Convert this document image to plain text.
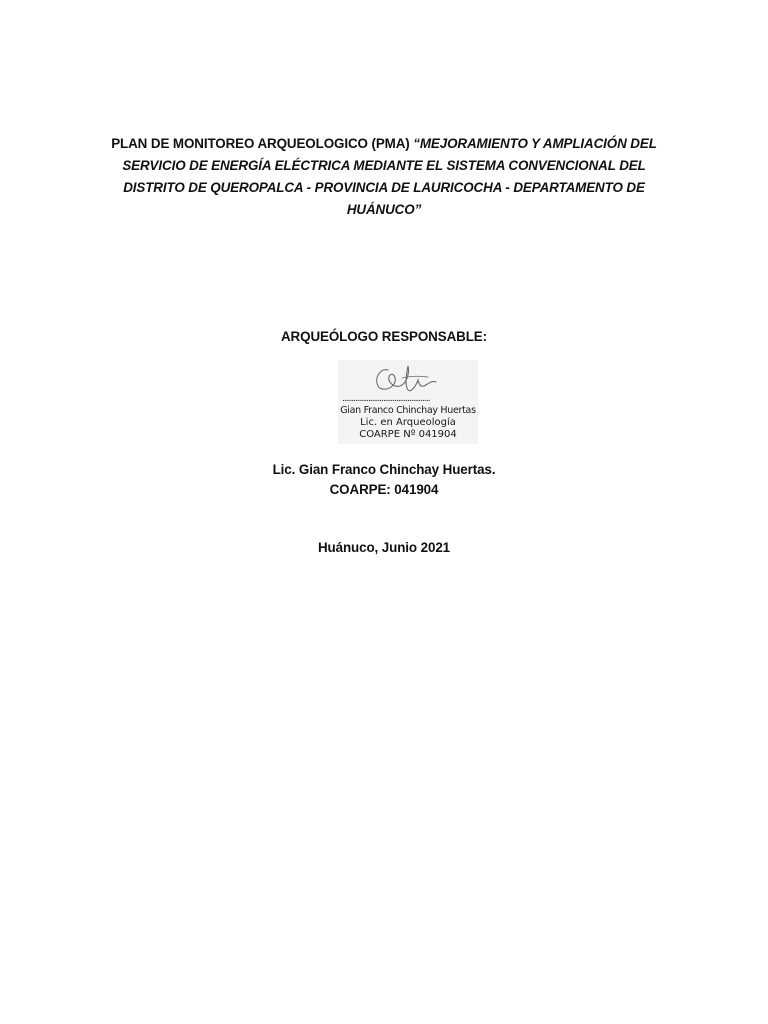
PLAN DE MONITOREO ARQUEOLOGICO (PMA) “MEJORAMIENTO Y AMPLIACIÓN DEL SERVICIO DE ENERGÍA ELÉCTRICA MEDIANTE EL SISTEMA CONVENCIONAL DEL DISTRITO DE QUEROPALCA - PROVINCIA DE LAURICOCHA - DEPARTAMENTO DE HUÁNUCO”
ARQUEÓLOGO RESPONSABLE:
...............................................
Gian Franco Chinchay Huertas
Lic. en Arqueología
COARPE Nº 041904
Lic. Gian Franco Chinchay Huertas.
COARPE: 041904
Huánuco, Junio 2021
